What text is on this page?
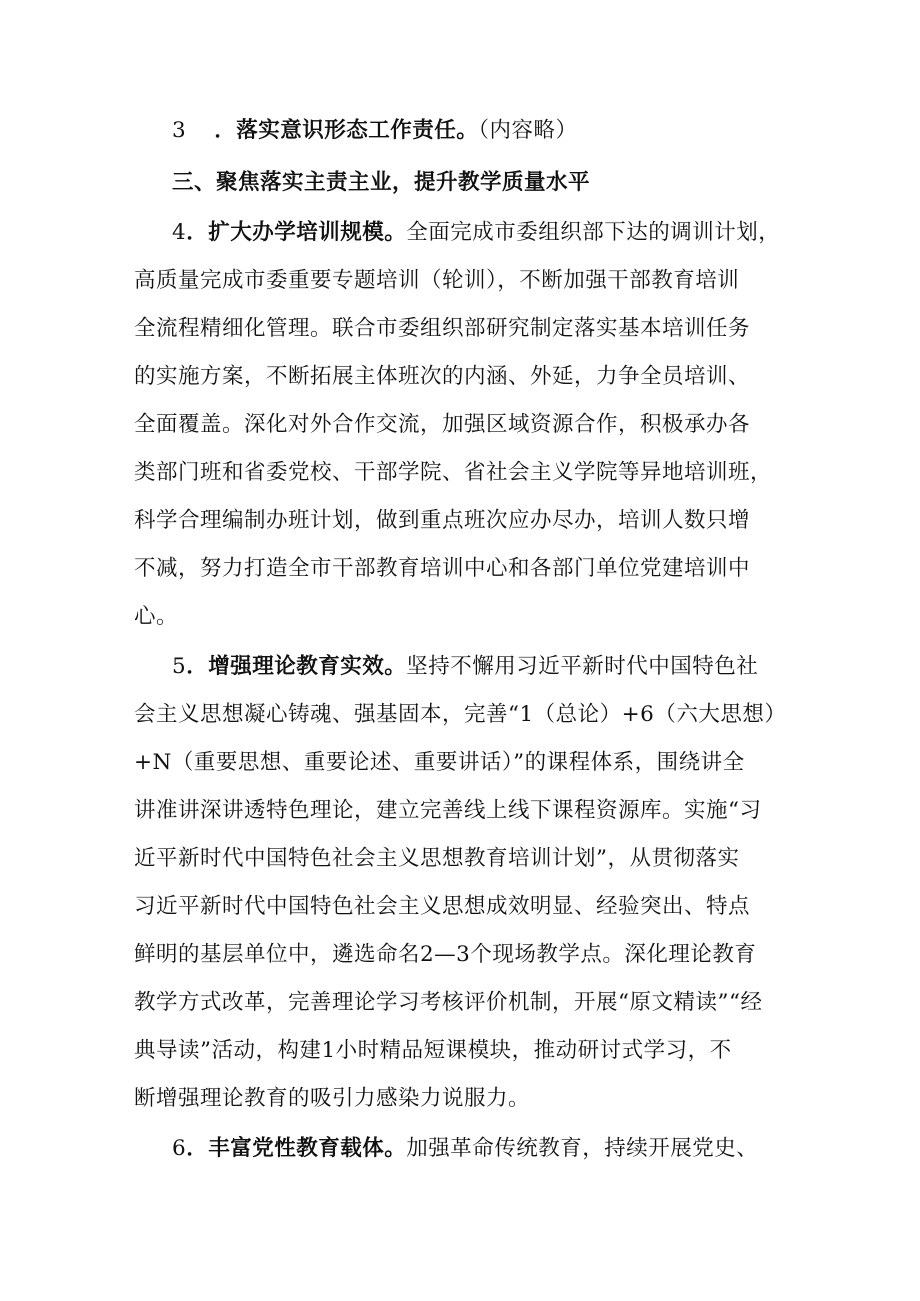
3 ．落实意识形态工作责任。（内容略）
三、聚焦落实主责主业，提升教学质量水平
4．扩大办学培训规模。全面完成市委组织部下达的调训计划，
高质量完成市委重要专题培训（轮训），不断加强干部教育培训
全流程精细化管理。联合市委组织部研究制定落实基本培训任务
的实施方案，不断拓展主体班次的内涵、外延，力争全员培训、
全面覆盖。深化对外合作交流，加强区域资源合作，积极承办各
类部门班和省委党校、干部学院、省社会主义学院等异地培训班，
科学合理编制办班计划，做到重点班次应办尽办，培训人数只增
不减，努力打造全市干部教育培训中心和各部门单位党建培训中
心。
5．增强理论教育实效。坚持不懈用习近平新时代中国特色社
会主义思想凝心铸魂、强基固本，完善“1（总论）+6（六大思想）
+N（重要思想、重要论述、重要讲话）”的课程体系，围绕讲全
讲准讲深讲透特色理论，建立完善线上线下课程资源库。实施“习
近平新时代中国特色社会主义思想教育培训计划”，从贯彻落实
习近平新时代中国特色社会主义思想成效明显、经验突出、特点
鲜明的基层单位中，遴选命名2—3个现场教学点。深化理论教育
教学方式改革，完善理论学习考核评价机制，开展“原文精读”“经
典导读”活动，构建1小时精品短课模块，推动研讨式学习，不
断增强理论教育的吸引力感染力说服力。
6．丰富党性教育载体。加强革命传统教育，持续开展党史、
